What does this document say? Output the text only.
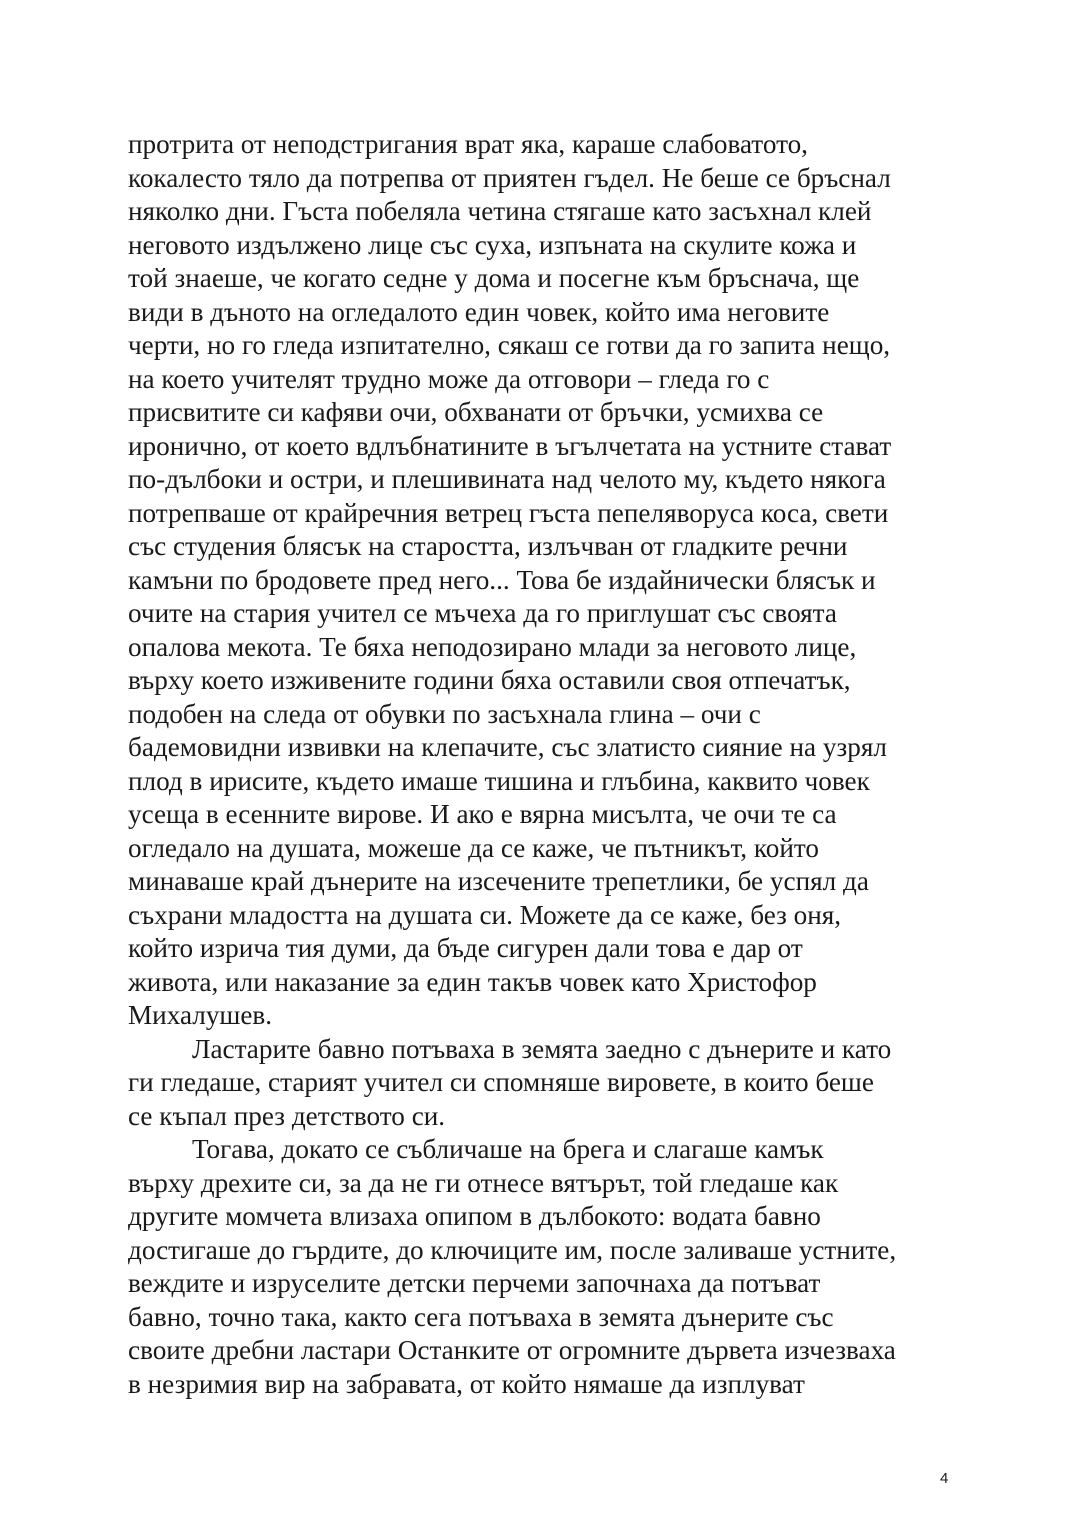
протрита от неподстригания врат яка, караше слабоватото,
кокалесто тяло да потрепва от приятен гъдел. Не беше се бръснал
няколко дни. Гъста побеляла четина стягаше като засъхнал клей
неговото издължено лице със суха, изпъната на скулите кожа и
той знаеше, че когато седне у дома и посегне към бръснача, ще
види в дъното на огледалото един човек, който има неговите
черти, но го гледа изпитателно, сякаш се готви да го запита нещо,
на което учителят трудно може да отговори – гледа го с
присвитите си кафяви очи, обхванати от бръчки, усмихва се
иронично, от което вдлъбнатините в ъгълчетата на устните стават
по-дълбоки и остри, и плешивината над челото му, където някога
потрепваше от крайречния ветрец гъста пепеляворуса коса, свети
със студения блясък на старостта, излъчван от гладките речни
камъни по бродовете пред него... Това бе издайнически блясък и
очите на стария учител се мъчеха да го приглушат със своята
опалова мекота. Те бяха неподозирано млади за неговото лице,
върху което изживените години бяха оставили своя отпечатък,
подобен на следа от обувки по засъхнала глина – очи с
бадемовидни извивки на клепачите, със златисто сияние на узрял
плод в ирисите, където имаше тишина и глъбина, каквито човек
усеща в есенните вирове. И ако е вярна мисълта, че очи те са
огледало на душата, можеше да се каже, че пътникът, който
минаваше край дънерите на изсечените трепетлики, бе успял да
съхрани младостта на душата си. Можете да се каже, без оня,
който изрича тия думи, да бъде сигурен дали това е дар от
живота, или наказание за един такъв човек като Христофор
Михалушев.
Ластарите бавно потъваха в земята заедно с дънерите и като
ги гледаше, старият учител си спомняше вировете, в които беше
се къпал през детството си.
Тогава, докато се събличаше на брега и слагаше камък
върху дрехите си, за да не ги отнесе вятърът, той гледаше как
другите момчета влизаха опипом в дълбокото: водата бавно
достигаше до гърдите, до ключиците им, после заливаше устните,
веждите и изруселите детски перчеми започнаха да потъват
бавно, точно така, както сега потъваха в земята дънерите със
своите дребни ластари Останките от огромните дървета изчезваха
в незримия вир на забравата, от който нямаше да изплуват
4
